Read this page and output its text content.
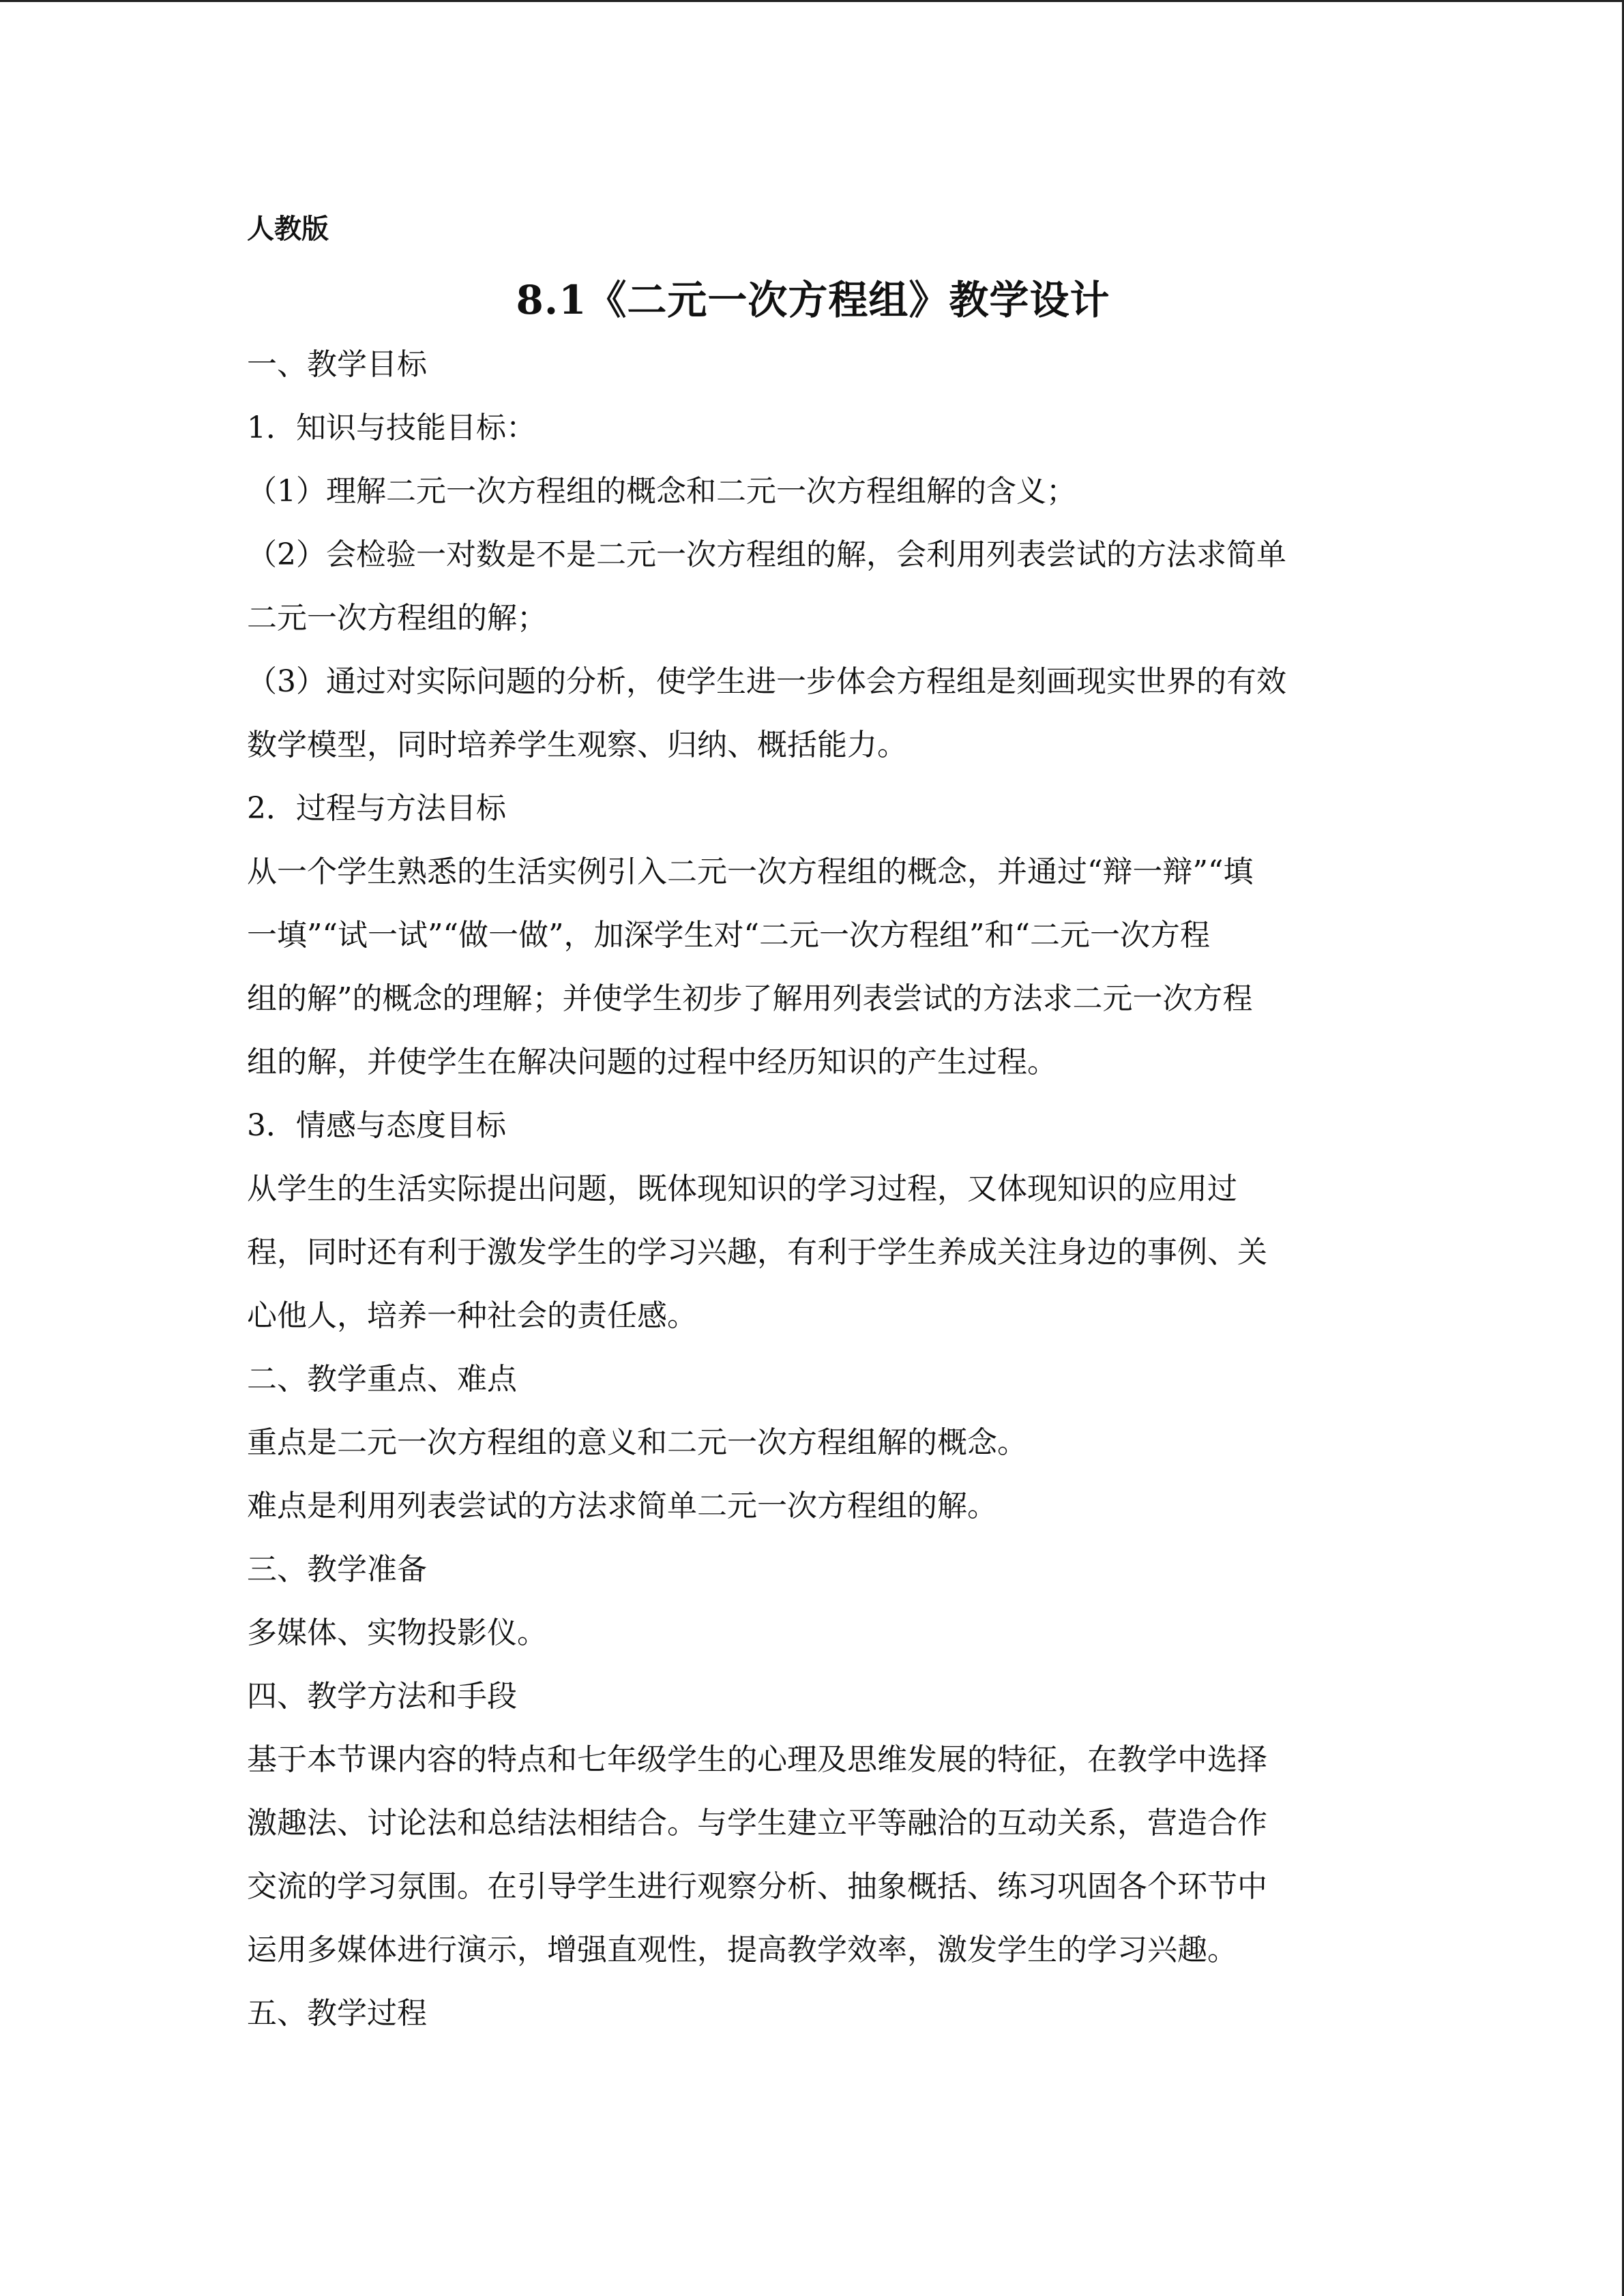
人教版
8.1《二元一次方程组》教学设计
一、教学目标
1．知识与技能目标：
（1）理解二元一次方程组的概念和二元一次方程组解的含义；
（2）会检验一对数是不是二元一次方程组的解，会利用列表尝试的方法求简单
二元一次方程组的解；
（3）通过对实际问题的分析，使学生进一步体会方程组是刻画现实世界的有效
数学模型，同时培养学生观察、归纳、概括能力。
2．过程与方法目标
从一个学生熟悉的生活实例引入二元一次方程组的概念，并通过“辩一辩”“填
一填”“试一试”“做一做”，加深学生对“二元一次方程组”和“二元一次方程
组的解”的概念的理解；并使学生初步了解用列表尝试的方法求二元一次方程
组的解，并使学生在解决问题的过程中经历知识的产生过程。
3．情感与态度目标
从学生的生活实际提出问题，既体现知识的学习过程，又体现知识的应用过
程，同时还有利于激发学生的学习兴趣，有利于学生养成关注身边的事例、关
心他人，培养一种社会的责任感。
二、教学重点、难点
重点是二元一次方程组的意义和二元一次方程组解的概念。
难点是利用列表尝试的方法求简单二元一次方程组的解。
三、教学准备
多媒体、实物投影仪。
四、教学方法和手段
基于本节课内容的特点和七年级学生的心理及思维发展的特征，在教学中选择
激趣法、讨论法和总结法相结合。与学生建立平等融洽的互动关系，营造合作
交流的学习氛围。在引导学生进行观察分析、抽象概括、练习巩固各个环节中
运用多媒体进行演示，增强直观性，提高教学效率，激发学生的学习兴趣。
五、教学过程
